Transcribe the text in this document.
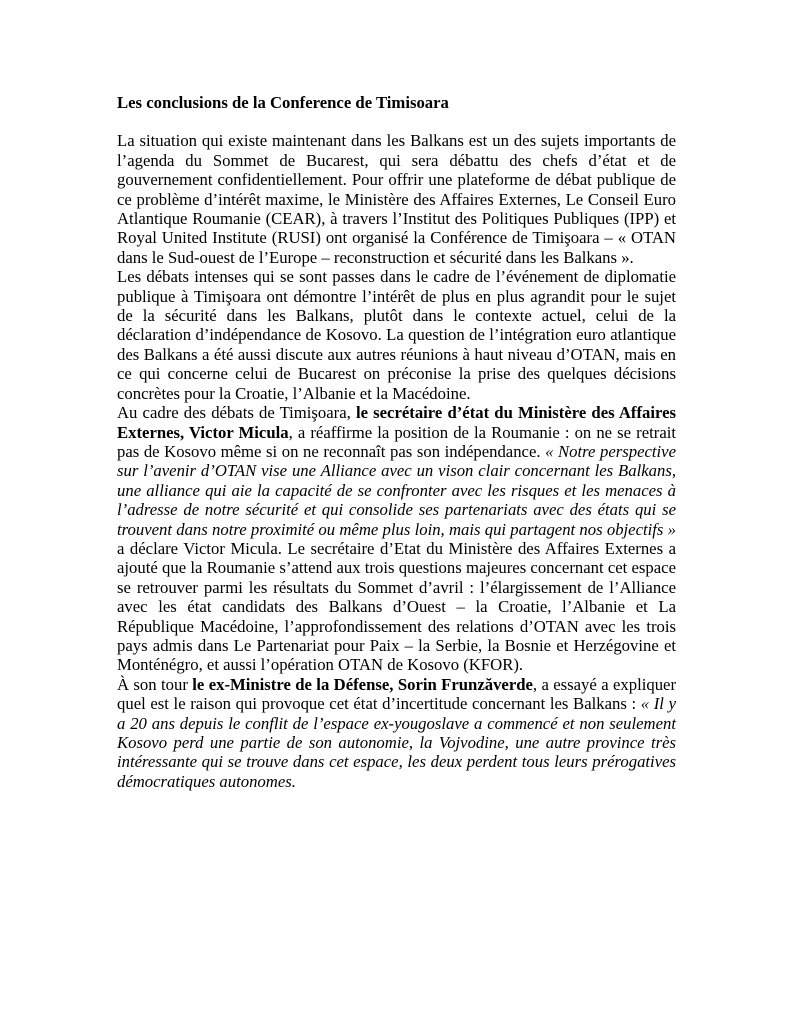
Les conclusions de la Conference de Timisoara

La situation qui existe maintenant dans les Balkans est un des sujets importants de l’agenda du Sommet de Bucarest, qui sera débattu des chefs d’état et de gouvernement confidentiellement. Pour offrir une plateforme de débat publique de ce problème d’intérêt maxime, le Ministère des Affaires Externes, Le Conseil Euro Atlantique Roumanie (CEAR), à travers l’Institut des Politiques Publiques (IPP) et Royal United Institute (RUSI) ont organisé la Conférence de Timişoara – « OTAN dans le Sud-ouest de l’Europe – reconstruction et sécurité dans les Balkans ».

Les débats intenses qui se sont passes dans le cadre de l’événement de diplomatie publique à Timişoara ont démontre l’intérêt de plus en plus agrandit pour le sujet de la sécurité dans les Balkans, plutôt dans le contexte actuel, celui de la déclaration d’indépendance de Kosovo. La question de l’intégration euro atlantique des Balkans a été aussi discute aux autres réunions à haut niveau d’OTAN, mais en ce qui concerne celui de Bucarest on préconise la prise des quelques décisions concrètes pour la Croatie, l’Albanie et la Macédoine.

Au cadre des débats de Timişoara, le secrétaire d’état du Ministère des Affaires Externes, Victor Micula, a réaffirme la position de la Roumanie : on ne se retrait pas de Kosovo même si on ne reconnaît pas son indépendance. « Notre perspective sur l’avenir d’OTAN vise une Alliance avec un vison clair concernant les Balkans, une alliance qui aie la capacité de se confronter avec les risques et les menaces à l’adresse de notre sécurité et qui consolide ses partenariats avec des états qui se trouvent dans notre proximité ou même plus loin, mais qui partagent nos objectifs » a déclare Victor Micula. Le secrétaire d’Etat du Ministère des Affaires Externes a ajouté que la Roumanie s’attend aux trois questions majeures concernant cet espace se retrouver parmi les résultats du Sommet d’avril : l’élargissement de l’Alliance avec les état candidats des Balkans d’Ouest – la Croatie, l’Albanie et La République Macédoine, l’approfondissement des relations d’OTAN avec les trois pays admis dans Le Partenariat pour Paix – la Serbie, la Bosnie et Herzégovine et Monténégro, et aussi l’opération OTAN de Kosovo (KFOR).

À son tour le ex-Ministre de la Défense, Sorin Frunzăverde, a essayé a expliquer quel est le raison qui provoque cet état d’incertitude concernant les Balkans : « Il y a 20 ans depuis le conflit de l’espace ex-yougoslave a commencé et non seulement Kosovo perd une partie de son autonomie, la Vojvodine, une autre province très intéressante qui se trouve dans cet espace, les deux perdent tous leurs prérogatives démocratiques autonomes.
